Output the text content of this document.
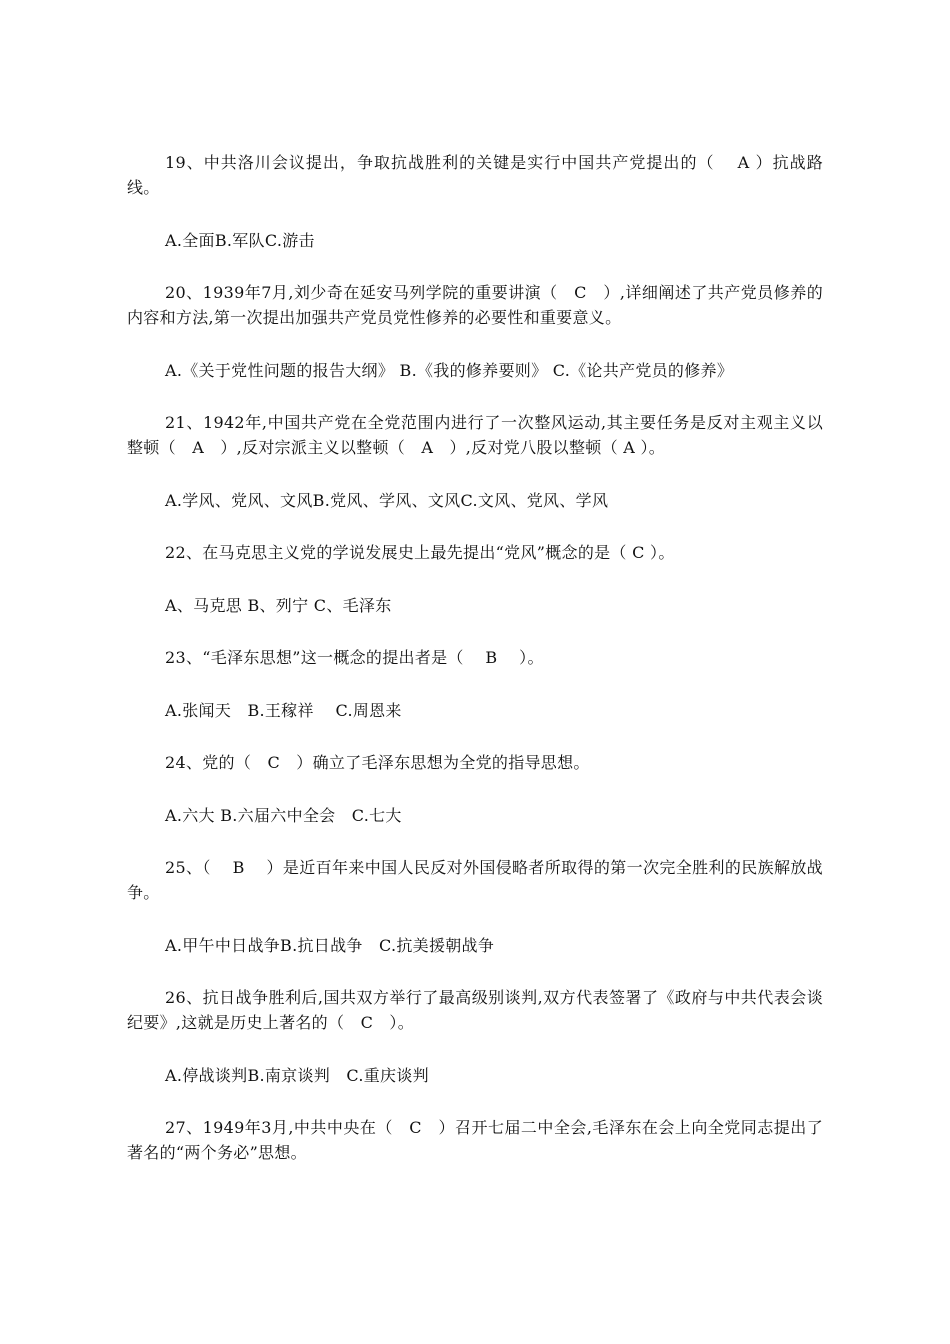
19、中共洛川会议提出，争取抗战胜利的关键是实行中国共产党提出的（　 A ）抗战路线。

A.全面B.军队C.游击

20、1939年7月,刘少奇在延安马列学院的重要讲演（　C　）,详细阐述了共产党员修养的内容和方法,第一次提出加强共产党员党性修养的必要性和重要意义。

A.《关于党性问题的报告大纲》 B.《我的修养要则》 C.《论共产党员的修养》

21、1942年,中国共产党在全党范围内进行了一次整风运动,其主要任务是反对主观主义以整顿（　A　）,反对宗派主义以整顿（　A　）,反对党八股以整顿（ A ）。

A.学风、党风、文风B.党风、学风、文风C.文风、党风、学风

22、在马克思主义党的学说发展史上最先提出“党风”概念的是（ C ）。

A、马克思 B、列宁 C、毛泽东

23、“毛泽东思想”这一概念的提出者是（　 B　 ）。

A.张闻天　B.王稼祥　 C.周恩来

24、党的（　C　）确立了毛泽东思想为全党的指导思想。

A.六大 B.六届六中全会　C.七大

25、（　 B　 ）是近百年来中国人民反对外国侵略者所取得的第一次完全胜利的民族解放战争。

A.甲午中日战争B.抗日战争　C.抗美援朝战争

26、抗日战争胜利后,国共双方举行了最高级别谈判,双方代表签署了《政府与中共代表会谈纪要》,这就是历史上著名的（　C　）。

A.停战谈判B.南京谈判　C.重庆谈判

27、1949年3月,中共中央在（　C　）召开七届二中全会,毛泽东在会上向全党同志提出了著名的“两个务必”思想。
